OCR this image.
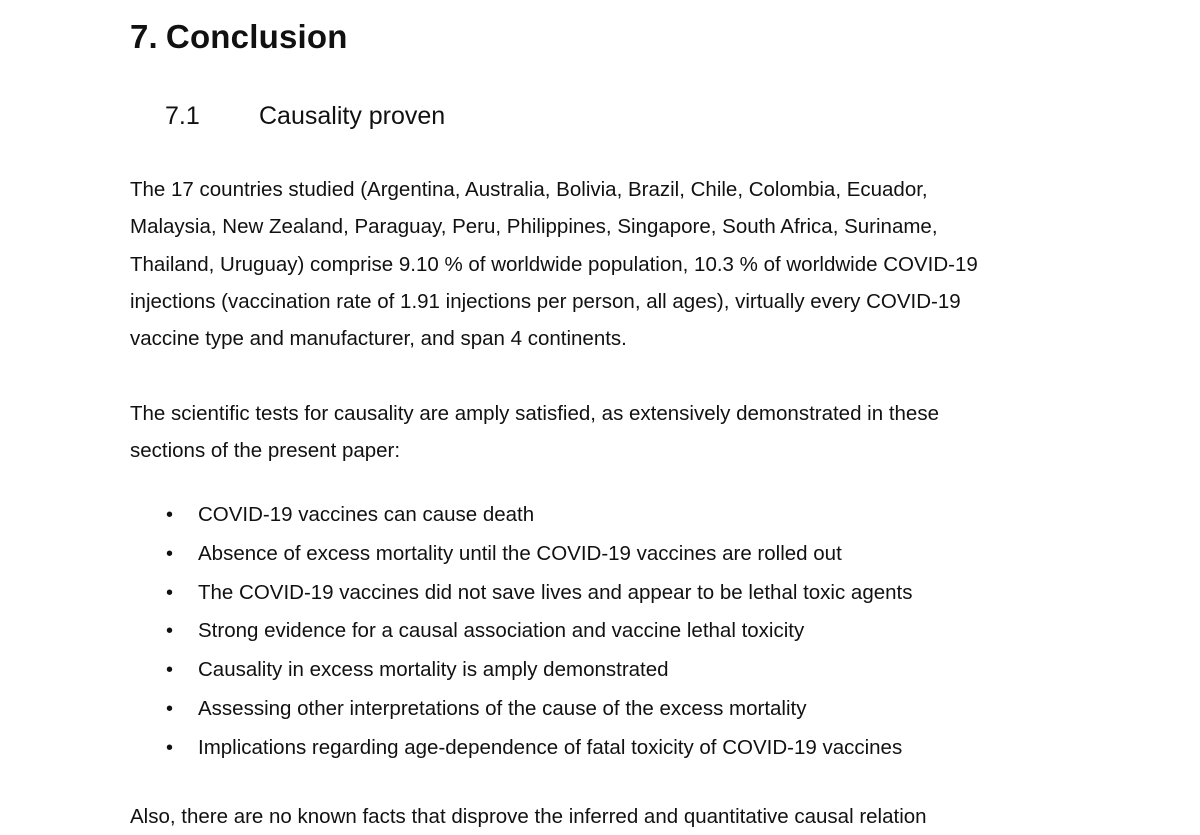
7. Conclusion
7.1 Causality proven

The 17 countries studied (Argentina, Australia, Bolivia, Brazil, Chile, Colombia, Ecuador, Malaysia, New Zealand, Paraguay, Peru, Philippines, Singapore, South Africa, Suriname, Thailand, Uruguay) comprise 9.10 % of worldwide population, 10.3 % of worldwide COVID-19 injections (vaccination rate of 1.91 injections per person, all ages), virtually every COVID-19 vaccine type and manufacturer, and span 4 continents.

The scientific tests for causality are amply satisfied, as extensively demonstrated in these sections of the present paper:

• COVID-19 vaccines can cause death
• Absence of excess mortality until the COVID-19 vaccines are rolled out
• The COVID-19 vaccines did not save lives and appear to be lethal toxic agents
• Strong evidence for a causal association and vaccine lethal toxicity
• Causality in excess mortality is amply demonstrated
• Assessing other interpretations of the cause of the excess mortality
• Implications regarding age-dependence of fatal toxicity of COVID-19 vaccines

Also, there are no known facts that disprove the inferred and quantitative causal relation
